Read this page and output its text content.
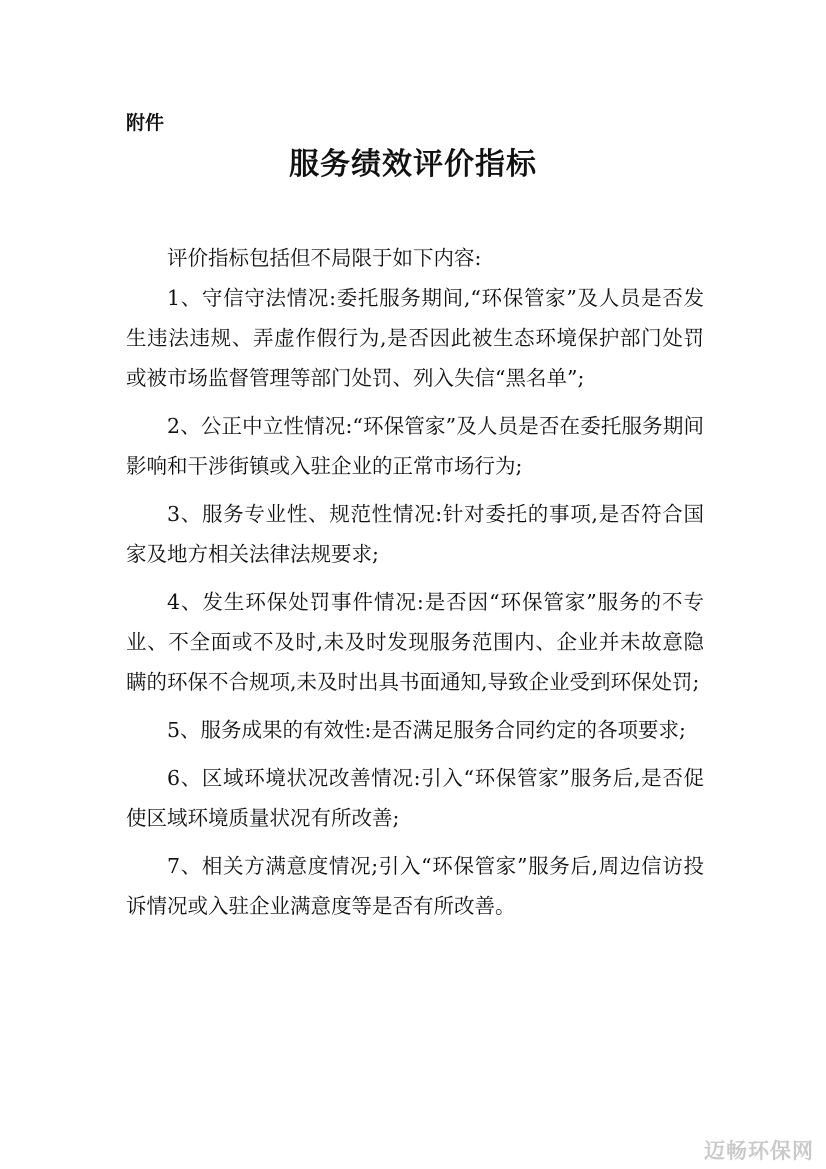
附件
服务绩效评价指标

评价指标包括但不局限于如下内容:

1、守信守法情况:委托服务期间,“环保管家”及人员是否发生违法违规、弄虚作假行为,是否因此被生态环境保护部门处罚或被市场监督管理等部门处罚、列入失信“黑名单”;

2、公正中立性情况:“环保管家”及人员是否在委托服务期间影响和干涉街镇或入驻企业的正常市场行为;

3、服务专业性、规范性情况:针对委托的事项,是否符合国家及地方相关法律法规要求;

4、发生环保处罚事件情况:是否因“环保管家”服务的不专业、不全面或不及时,未及时发现服务范围内、企业并未故意隐瞒的环保不合规项,未及时出具书面通知,导致企业受到环保处罚;

5、服务成果的有效性:是否满足服务合同约定的各项要求;

6、区域环境状况改善情况:引入“环保管家”服务后,是否促使区域环境质量状况有所改善;

7、相关方满意度情况;引入“环保管家”服务后,周边信访投诉情况或入驻企业满意度等是否有所改善。

迈畅环保网
